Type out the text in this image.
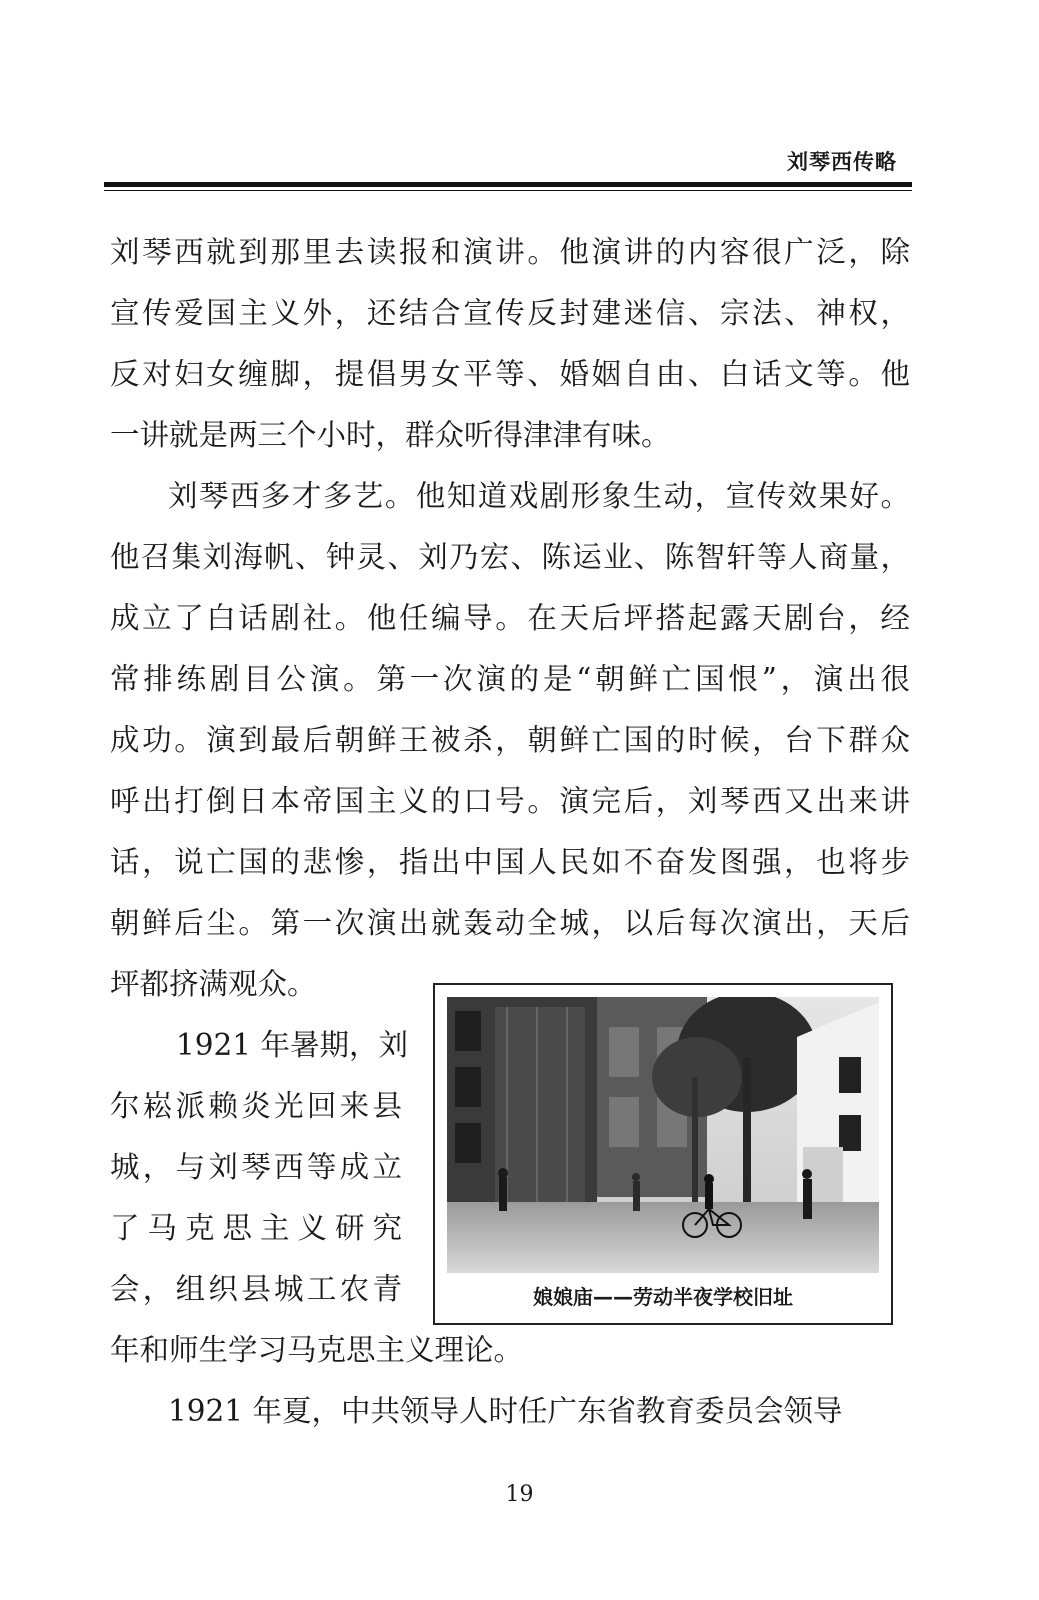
刘琴西传略
刘琴西就到那里去读报和演讲。他演讲的内容很广泛，除
宣传爱国主义外，还结合宣传反封建迷信、宗法、神权，
反对妇女缠脚，提倡男女平等、婚姻自由、白话文等。他
一讲就是两三个小时，群众听得津津有味。
刘琴西多才多艺。他知道戏剧形象生动，宣传效果好。
他召集刘海帆、钟灵、刘乃宏、陈运业、陈智轩等人商量，
成立了白话剧社。他任编导。在天后坪搭起露天剧台，经
常排练剧目公演。第一次演的是“朝鲜亡国恨”，演出很
成功。演到最后朝鲜王被杀，朝鲜亡国的时候，台下群众
呼出打倒日本帝国主义的口号。演完后，刘琴西又出来讲
话，说亡国的悲惨，指出中国人民如不奋发图强，也将步
朝鲜后尘。第一次演出就轰动全城，以后每次演出，天后
坪都挤满观众。
1921 年暑期，刘
尔崧派赖炎光回来县
城，与刘琴西等成立
了马克思主义研究
会，组织县城工农青
年和师生学习马克思主义理论。
1921 年夏，中共领导人时任广东省教育委员会领导
娘娘庙——劳动半夜学校旧址
19
